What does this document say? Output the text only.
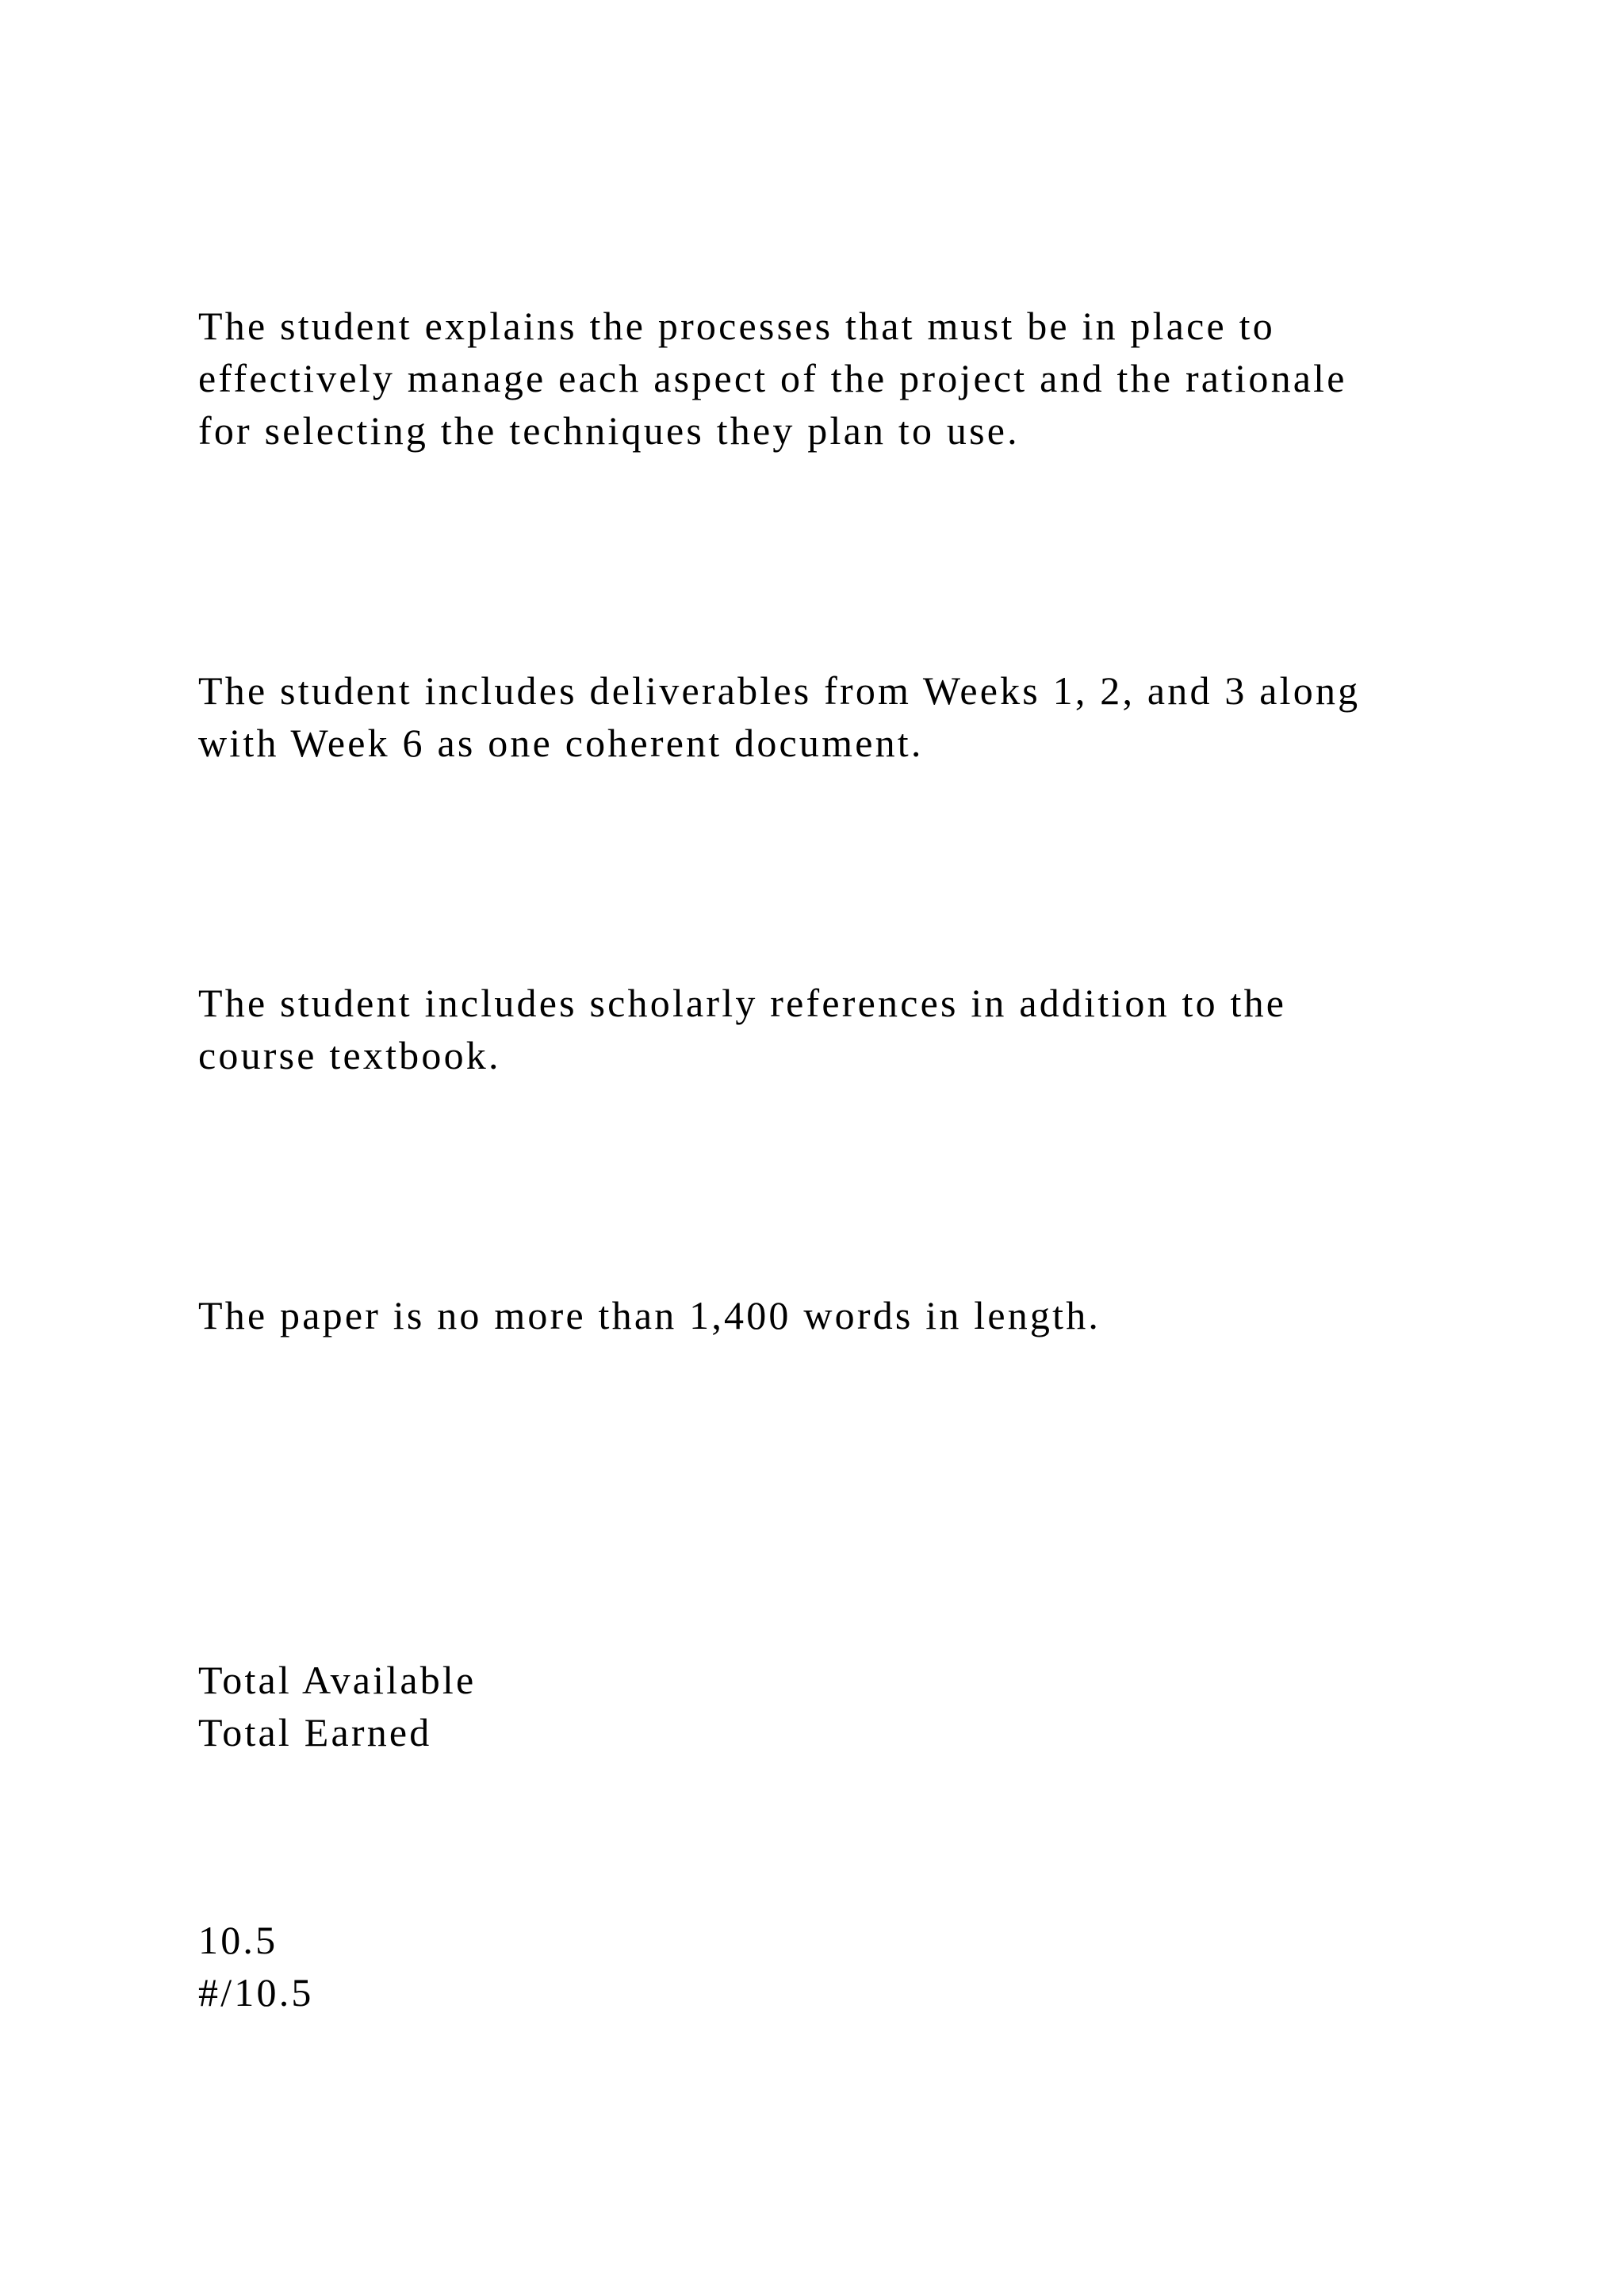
The student explains the processes that must be in place to
effectively manage each aspect of the project and the rationale
for selecting the techniques they plan to use.
The student includes deliverables from Weeks 1, 2, and 3 along
with Week 6 as one coherent document.
The student includes scholarly references in addition to the
course textbook.
The paper is no more than 1,400 words in length.
Total Available
Total Earned
10.5
#/10.5
